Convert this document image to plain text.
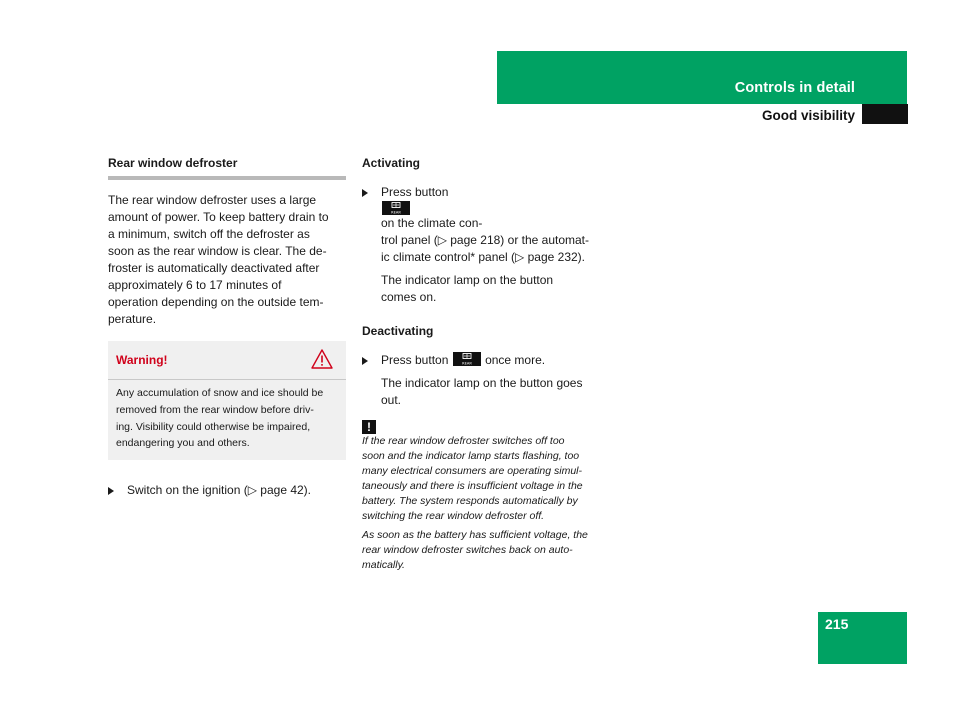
Controls in detail
Good visibility
Rear window defroster

The rear window defroster uses a large
amount of power. To keep battery drain to
a minimum, switch off the defroster as
soon as the rear window is clear. The de-
froster is automatically deactivated after
approximately 6 to 17 minutes of
operation depending on the outside tem-
perature.

Warning!
Any accumulation of snow and ice should be
removed from the rear window before driv-
ing. Visibility could otherwise be impaired,
endangering you and others.
Switch on the ignition (▷ page 42).
Activating
Press button
REAR
on the climate con-
trol panel (▷ page 218) or the automat-
ic climate control* panel (▷ page 232).
The indicator lamp on the button
comes on.
Deactivating
Press button	REAR once more.
The indicator lamp on the button goes
out.
!
If the rear window defroster switches off too
soon and the indicator lamp starts flashing, too
many electrical consumers are operating simul-
taneously and there is insufficient voltage in the
battery. The system responds automatically by
switching the rear window defroster off.
As soon as the battery has sufficient voltage, the
rear window defroster switches back on auto-
matically.
215
